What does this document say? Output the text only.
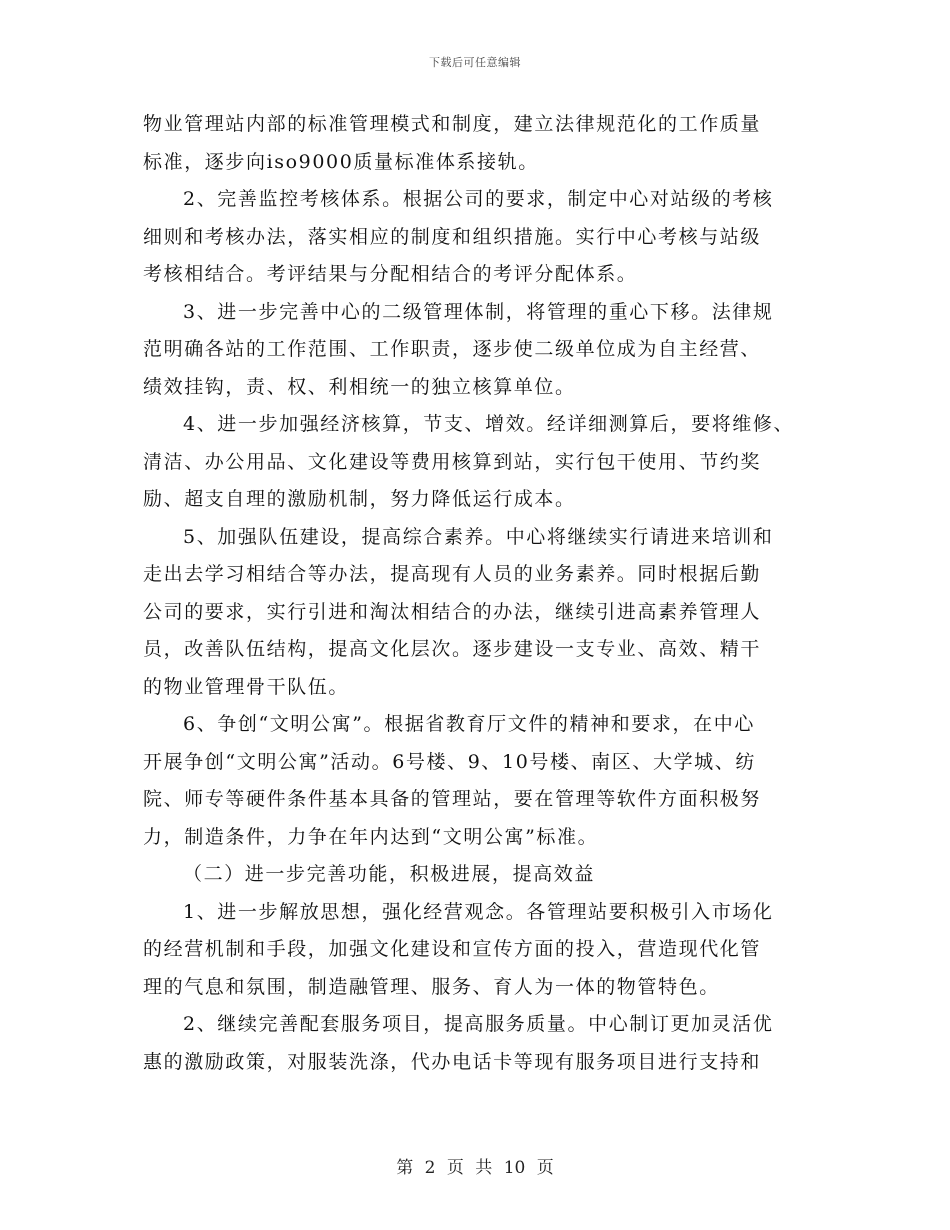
下载后可任意编辑
物业管理站内部的标准管理模式和制度，建立法律规范化的工作质量
标准，逐步向iso9000质量标准体系接轨。
2、完善监控考核体系。根据公司的要求，制定中心对站级的考核
细则和考核办法，落实相应的制度和组织措施。实行中心考核与站级
考核相结合。考评结果与分配相结合的考评分配体系。
3、进一步完善中心的二级管理体制，将管理的重心下移。法律规
范明确各站的工作范围、工作职责，逐步使二级单位成为自主经营、
绩效挂钩，责、权、利相统一的独立核算单位。
4、进一步加强经济核算，节支、增效。经详细测算后，要将维修、
清洁、办公用品、文化建设等费用核算到站，实行包干使用、节约奖
励、超支自理的激励机制，努力降低运行成本。
5、加强队伍建设，提高综合素养。中心将继续实行请进来培训和
走出去学习相结合等办法，提高现有人员的业务素养。同时根据后勤
公司的要求，实行引进和淘汰相结合的办法，继续引进高素养管理人
员，改善队伍结构，提高文化层次。逐步建设一支专业、高效、精干
的物业管理骨干队伍。
6、争创“文明公寓”。根据省教育厅文件的精神和要求，在中心
开展争创“文明公寓”活动。6号楼、9、10号楼、南区、大学城、纺
院、师专等硬件条件基本具备的管理站，要在管理等软件方面积极努
力，制造条件，力争在年内达到“文明公寓”标准。
（二）进一步完善功能，积极进展，提高效益
1、进一步解放思想，强化经营观念。各管理站要积极引入市场化
的经营机制和手段，加强文化建设和宣传方面的投入，营造现代化管
理的气息和氛围，制造融管理、服务、育人为一体的物管特色。
2、继续完善配套服务项目，提高服务质量。中心制订更加灵活优
惠的激励政策，对服装洗涤，代办电话卡等现有服务项目进行支持和
第 2 页 共 10 页
